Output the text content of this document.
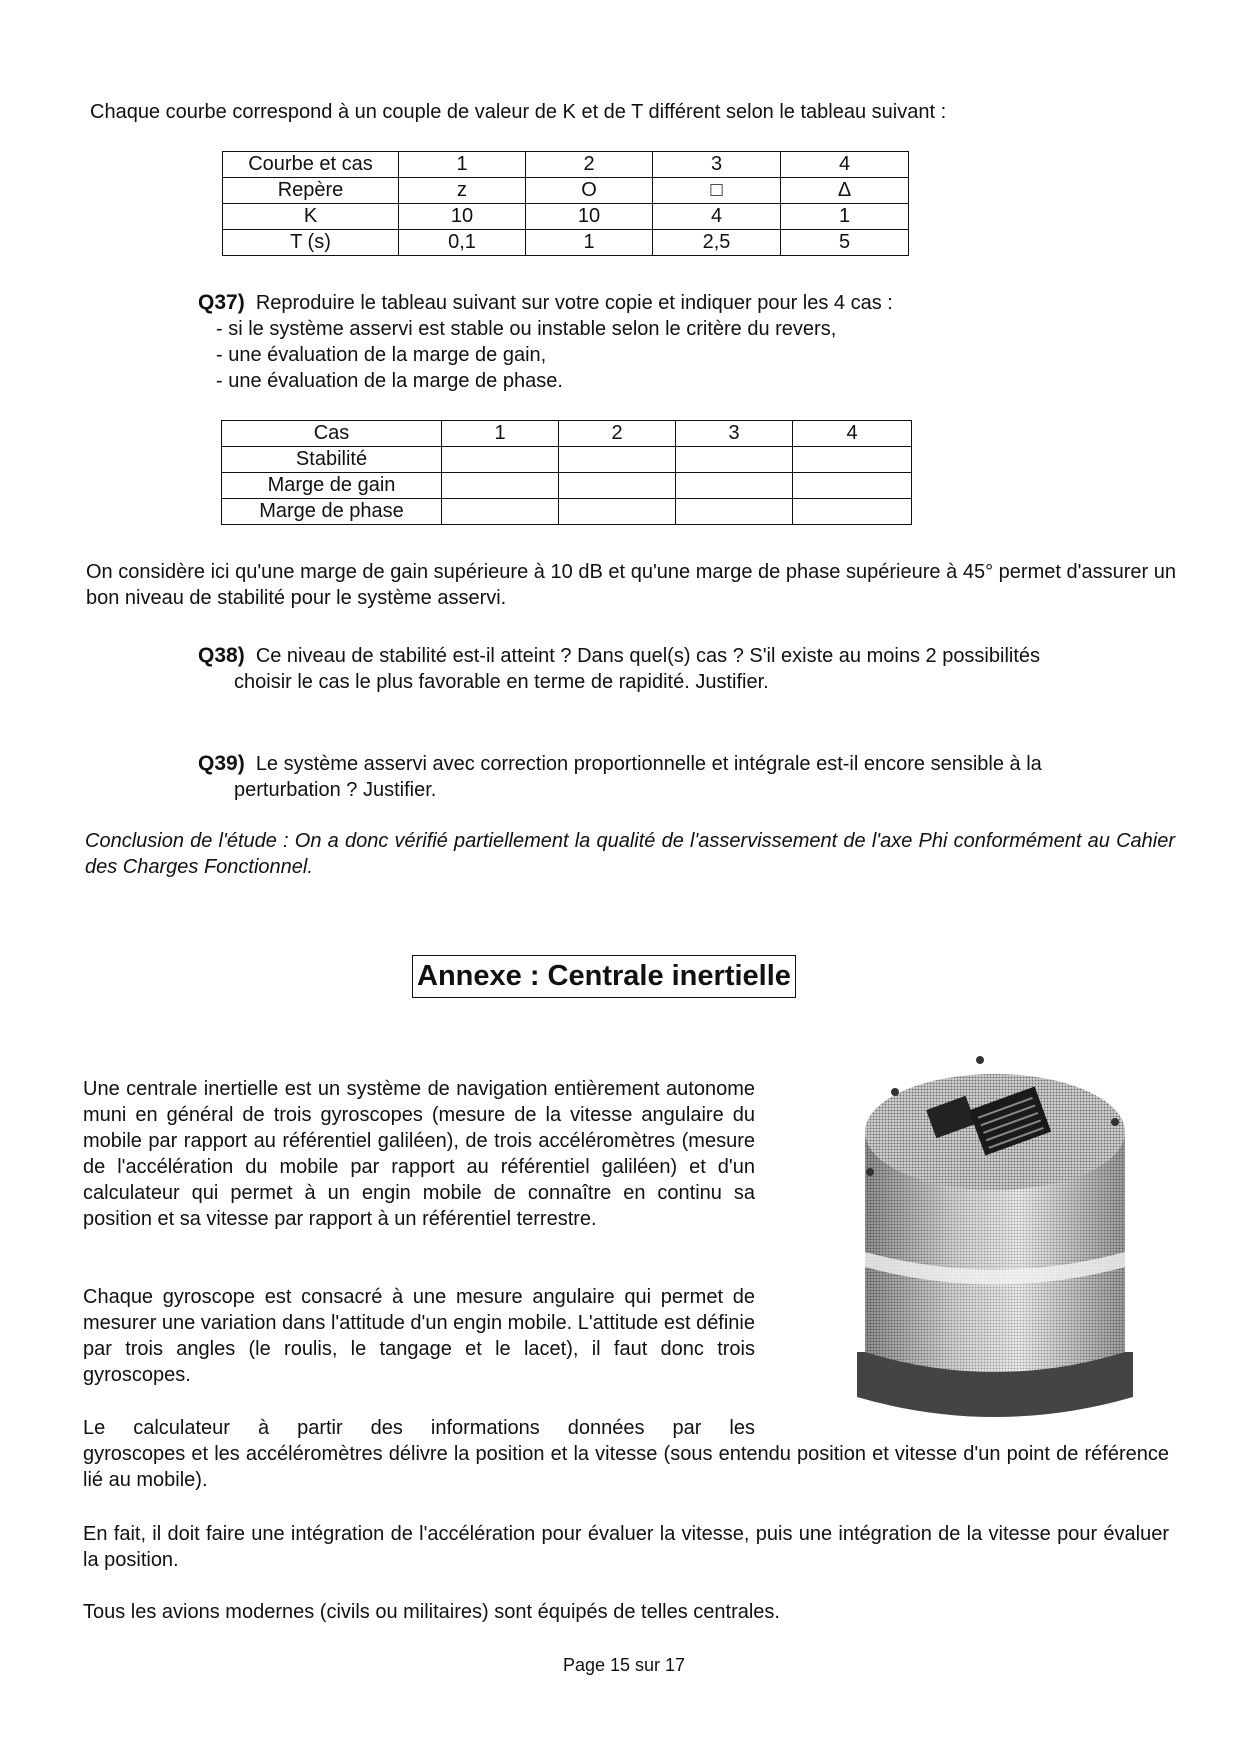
Chaque courbe correspond à un couple de valeur de K et de T différent selon le tableau suivant :

Courbe et cas	1	2	3	4
Repère	z	O	□	Δ
K	10	10	4	1
T (s)	0,1	1	2,5	5

Q37) Reproduire le tableau suivant sur votre copie et indiquer pour les 4 cas :

- si le système asservi est stable ou instable selon le critère du revers,

- une évaluation de la marge de gain,

- une évaluation de la marge de phase.

Cas	1	2	3	4
Stabilité				
Marge de gain				
Marge de phase				

On considère ici qu'une marge de gain supérieure à 10 dB et qu'une marge de phase supérieure à 45° permet d'assurer un bon niveau de stabilité pour le système asservi.

Q38) Ce niveau de stabilité est-il atteint ? Dans quel(s) cas ? S'il existe au moins 2 possibilités

choisir le cas le plus favorable en terme de rapidité. Justifier.

Q39) Le système asservi avec correction proportionnelle et intégrale est-il encore sensible à la

perturbation ? Justifier.

Conclusion de l'étude : On a donc vérifié partiellement la qualité de l'asservissement de l'axe Phi conformément au Cahier des Charges Fonctionnel.

Annexe : Centrale inertielle

Une centrale inertielle est un système de navigation entièrement autonome muni en général de trois gyroscopes (mesure de la vitesse angulaire du mobile par rapport au référentiel galiléen), de trois accéléromètres (mesure de l'accélération du mobile par rapport au référentiel galiléen) et d'un calculateur qui permet à un engin mobile de connaître en continu sa position et sa vitesse par rapport à un référentiel terrestre.

Chaque gyroscope est consacré à une mesure angulaire qui permet de mesurer une variation dans l'attitude d'un engin mobile. L'attitude est définie par trois angles (le roulis, le tangage et le lacet), il faut donc trois gyroscopes.

Le calculateur à partir des informations données par les

gyroscopes et les accéléromètres délivre la position et la vitesse (sous entendu position et vitesse d'un point de référence lié au mobile).

En fait, il doit faire une intégration de l'accélération pour évaluer la vitesse, puis une intégration de la vitesse pour évaluer la position.

Tous les avions modernes (civils ou militaires) sont équipés de telles centrales.

Page 15 sur 17
